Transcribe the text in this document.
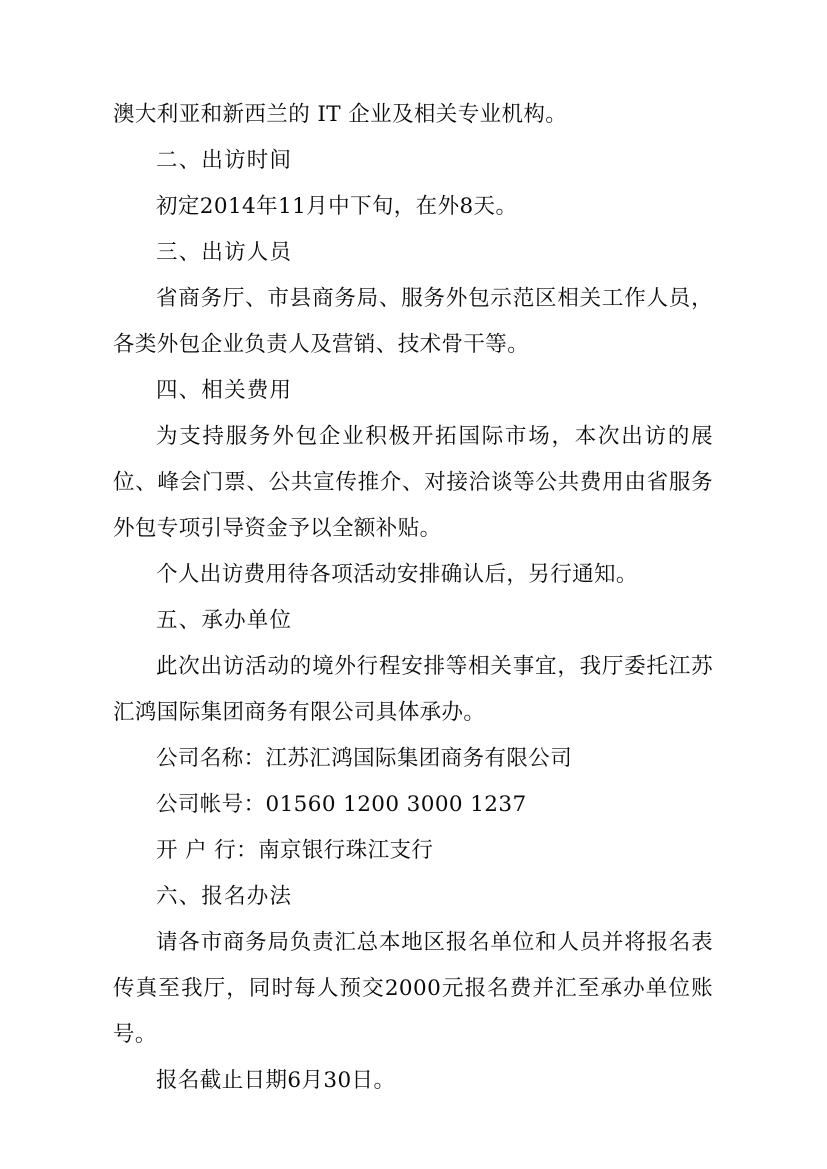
澳大利亚和新西兰的 IT 企业及相关专业机构。

二、出访时间

初定2014年11月中下旬，在外8天。

三、出访人员

省商务厅、市县商务局、服务外包示范区相关工作人员，各类外包企业负责人及营销、技术骨干等。

四、相关费用

为支持服务外包企业积极开拓国际市场，本次出访的展位、峰会门票、公共宣传推介、对接洽谈等公共费用由省服务外包专项引导资金予以全额补贴。

个人出访费用待各项活动安排确认后，另行通知。

五、承办单位

此次出访活动的境外行程安排等相关事宜，我厅委托江苏汇鸿国际集团商务有限公司具体承办。

公司名称：江苏汇鸿国际集团商务有限公司

公司帐号：01560 1200 3000 1237

开 户 行：南京银行珠江支行

六、报名办法

请各市商务局负责汇总本地区报名单位和人员并将报名表传真至我厅，同时每人预交2000元报名费并汇至承办单位账号。

报名截止日期6月30日。
